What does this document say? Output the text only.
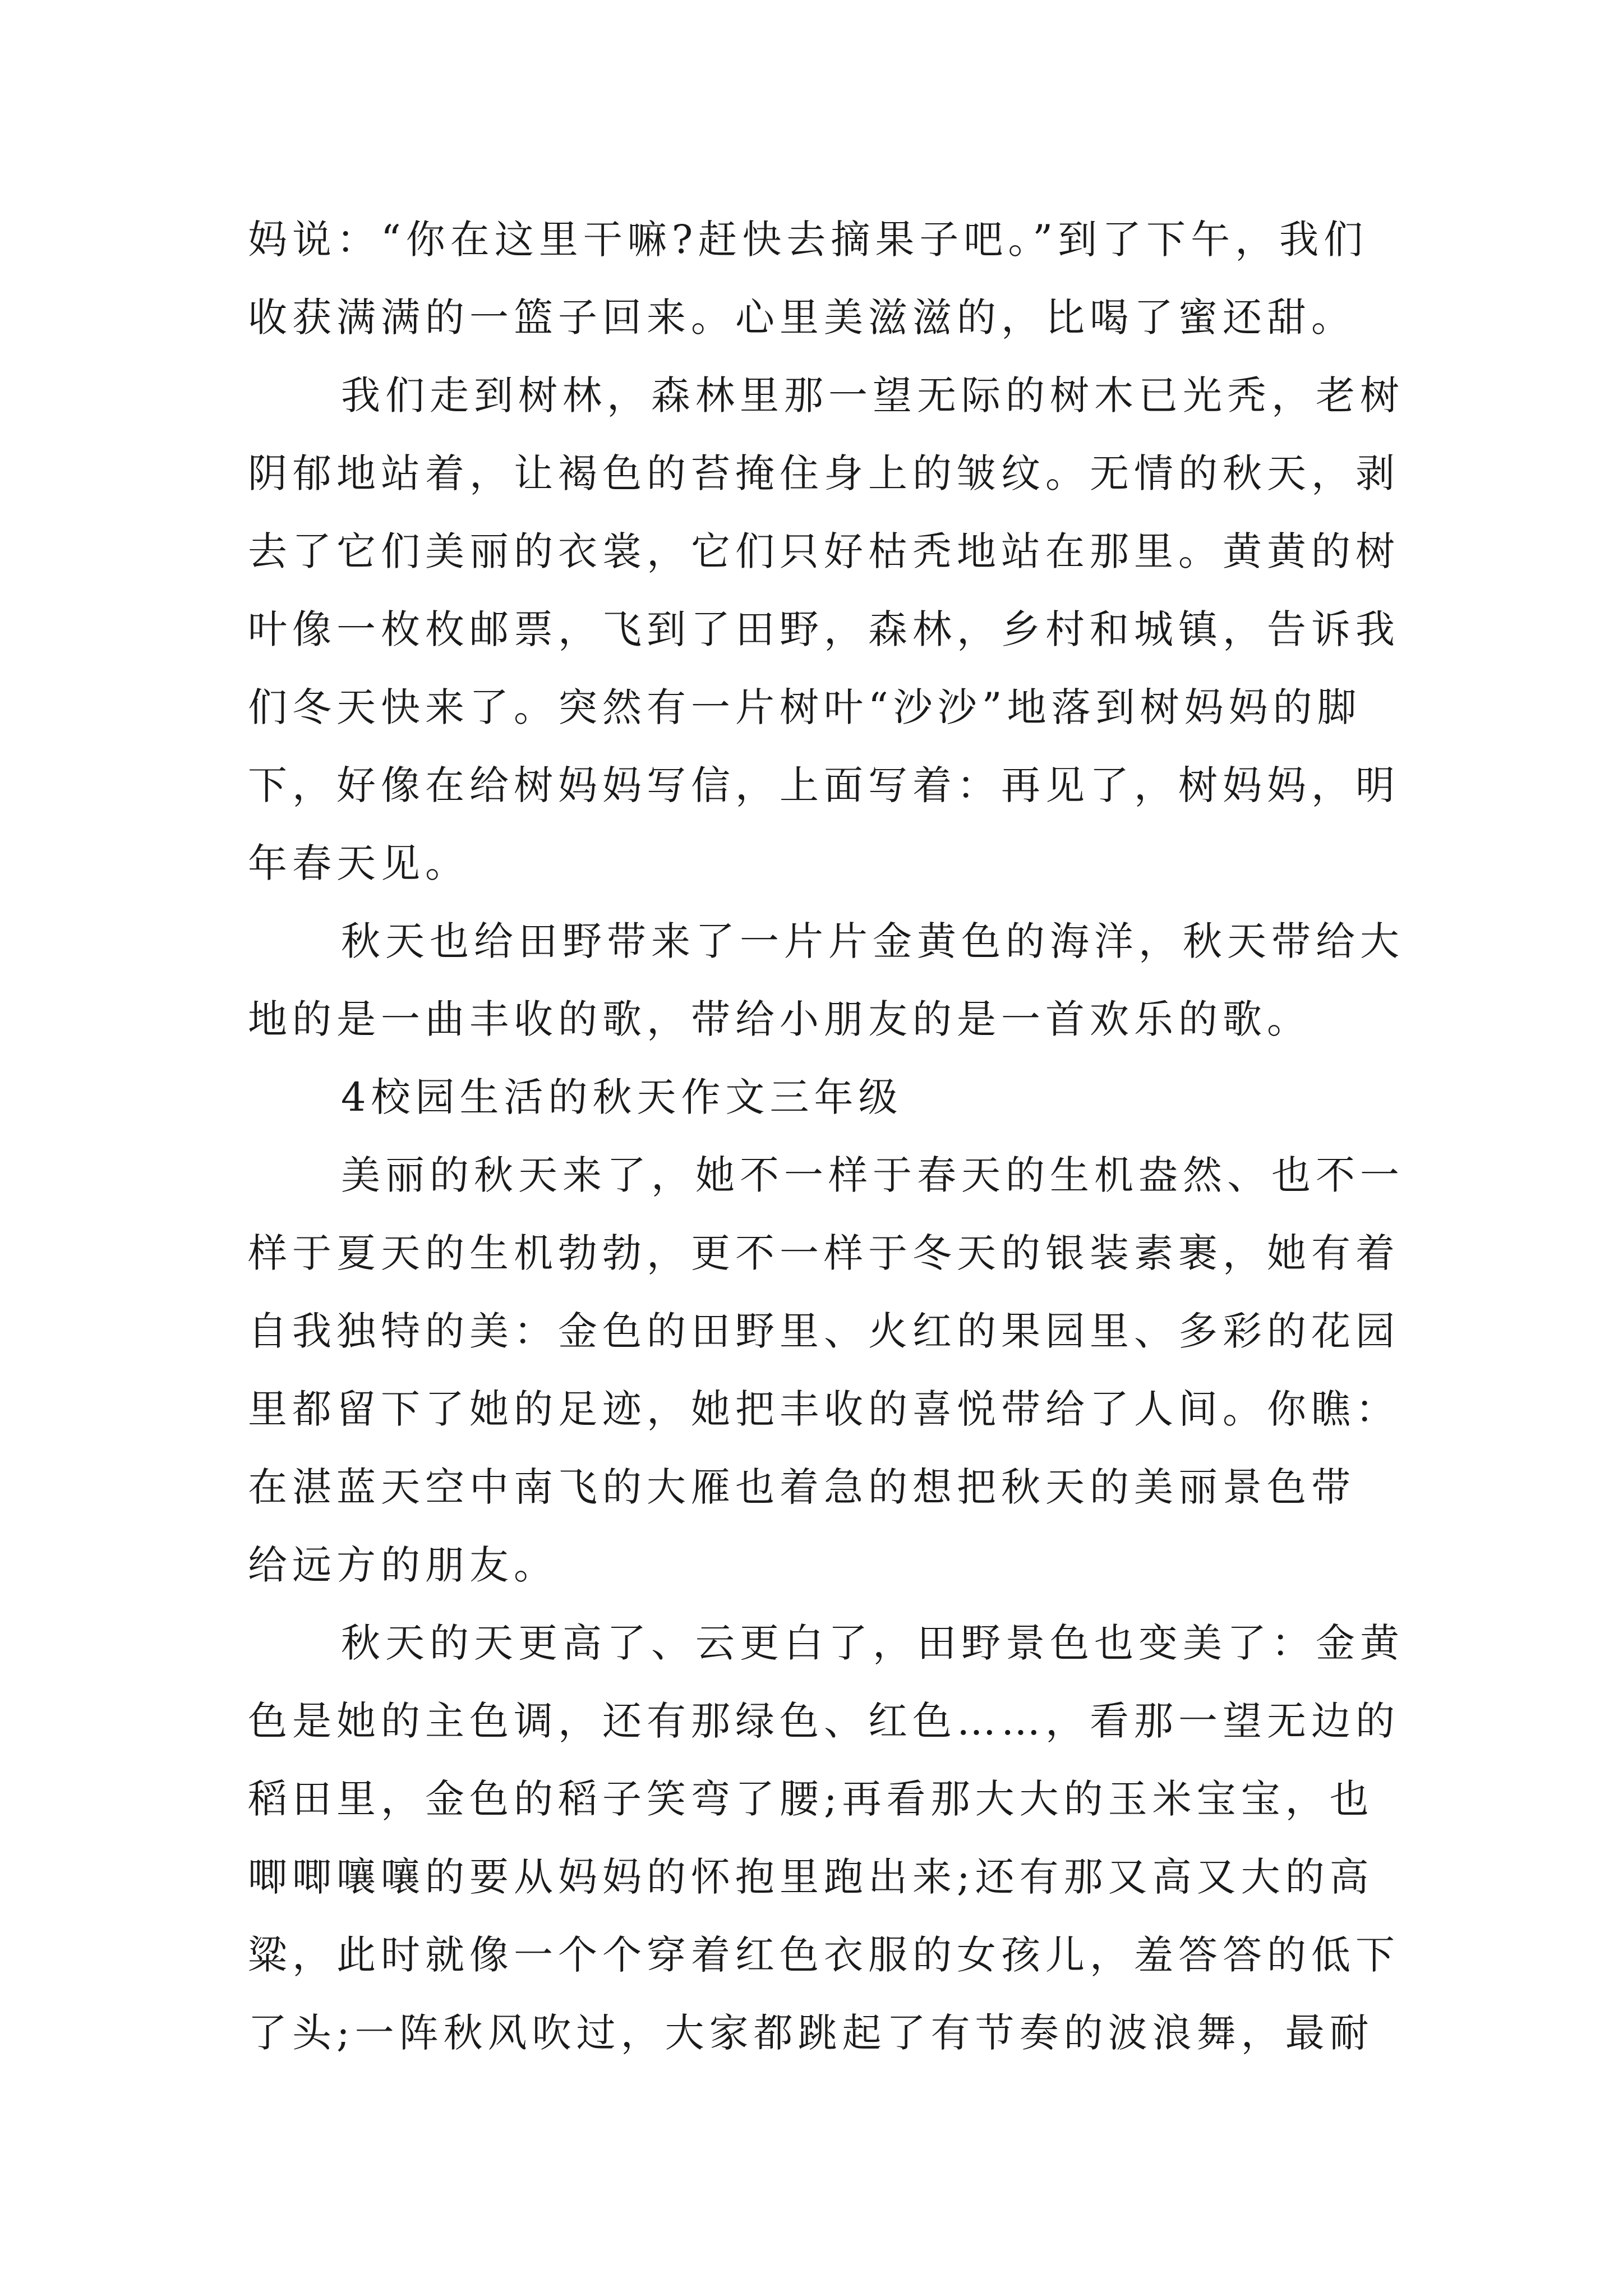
妈说：“你在这里干嘛?赶快去摘果子吧。”到了下午，我们
收获满满的一篮子回来。心里美滋滋的，比喝了蜜还甜。
我们走到树林，森林里那一望无际的树木已光秃，老树
阴郁地站着，让褐色的苔掩住身上的皱纹。无情的秋天，剥
去了它们美丽的衣裳，它们只好枯秃地站在那里。黄黄的树
叶像一枚枚邮票，飞到了田野，森林，乡村和城镇，告诉我
们冬天快来了。突然有一片树叶“沙沙”地落到树妈妈的脚
下，好像在给树妈妈写信，上面写着：再见了，树妈妈，明
年春天见。
秋天也给田野带来了一片片金黄色的海洋，秋天带给大
地的是一曲丰收的歌，带给小朋友的是一首欢乐的歌。
4校园生活的秋天作文三年级
美丽的秋天来了，她不一样于春天的生机盎然、也不一
样于夏天的生机勃勃，更不一样于冬天的银装素裹，她有着
自我独特的美：金色的田野里、火红的果园里、多彩的花园
里都留下了她的足迹，她把丰收的喜悦带给了人间。你瞧：
在湛蓝天空中南飞的大雁也着急的想把秋天的美丽景色带
给远方的朋友。
秋天的天更高了、云更白了，田野景色也变美了：金黄
色是她的主色调，还有那绿色、红色……，看那一望无边的
稻田里，金色的稻子笑弯了腰;再看那大大的玉米宝宝，也
唧唧嚷嚷的要从妈妈的怀抱里跑出来;还有那又高又大的高
粱，此时就像一个个穿着红色衣服的女孩儿，羞答答的低下
了头;一阵秋风吹过，大家都跳起了有节奏的波浪舞，最耐
